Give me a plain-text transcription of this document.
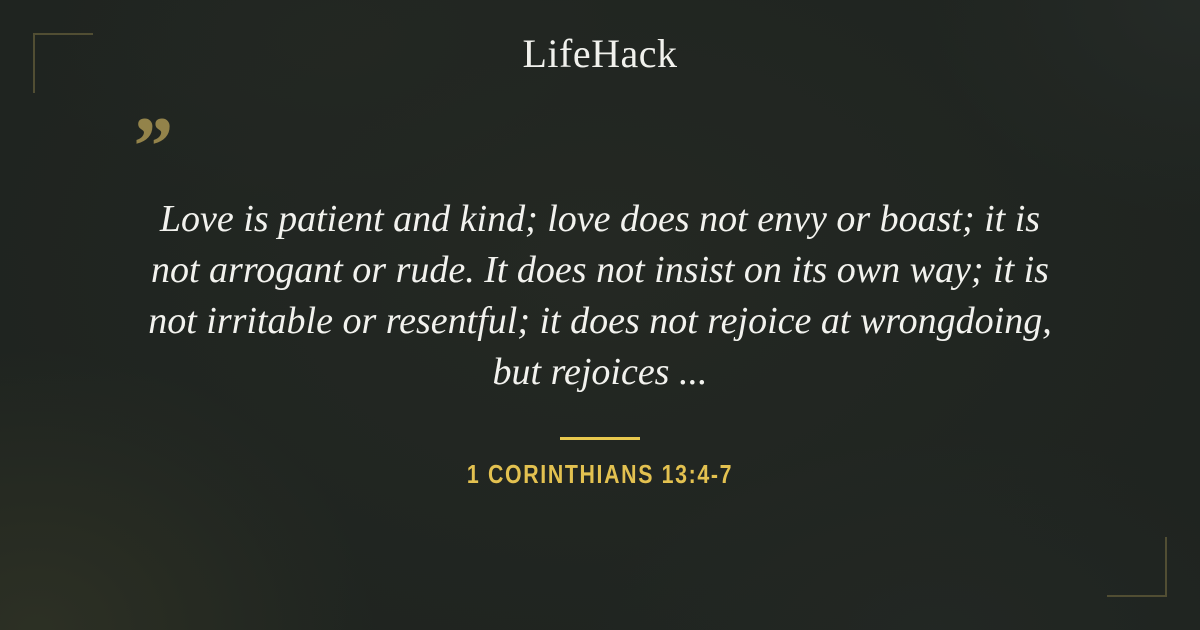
LifeHack
”
Love is patient and kind; love does not envy or boast; it is
not arrogant or rude. It does not insist on its own way; it is
not irritable or resentful; it does not rejoice at wrongdoing,
but rejoices ...
1 CORINTHIANS 13:4-7
